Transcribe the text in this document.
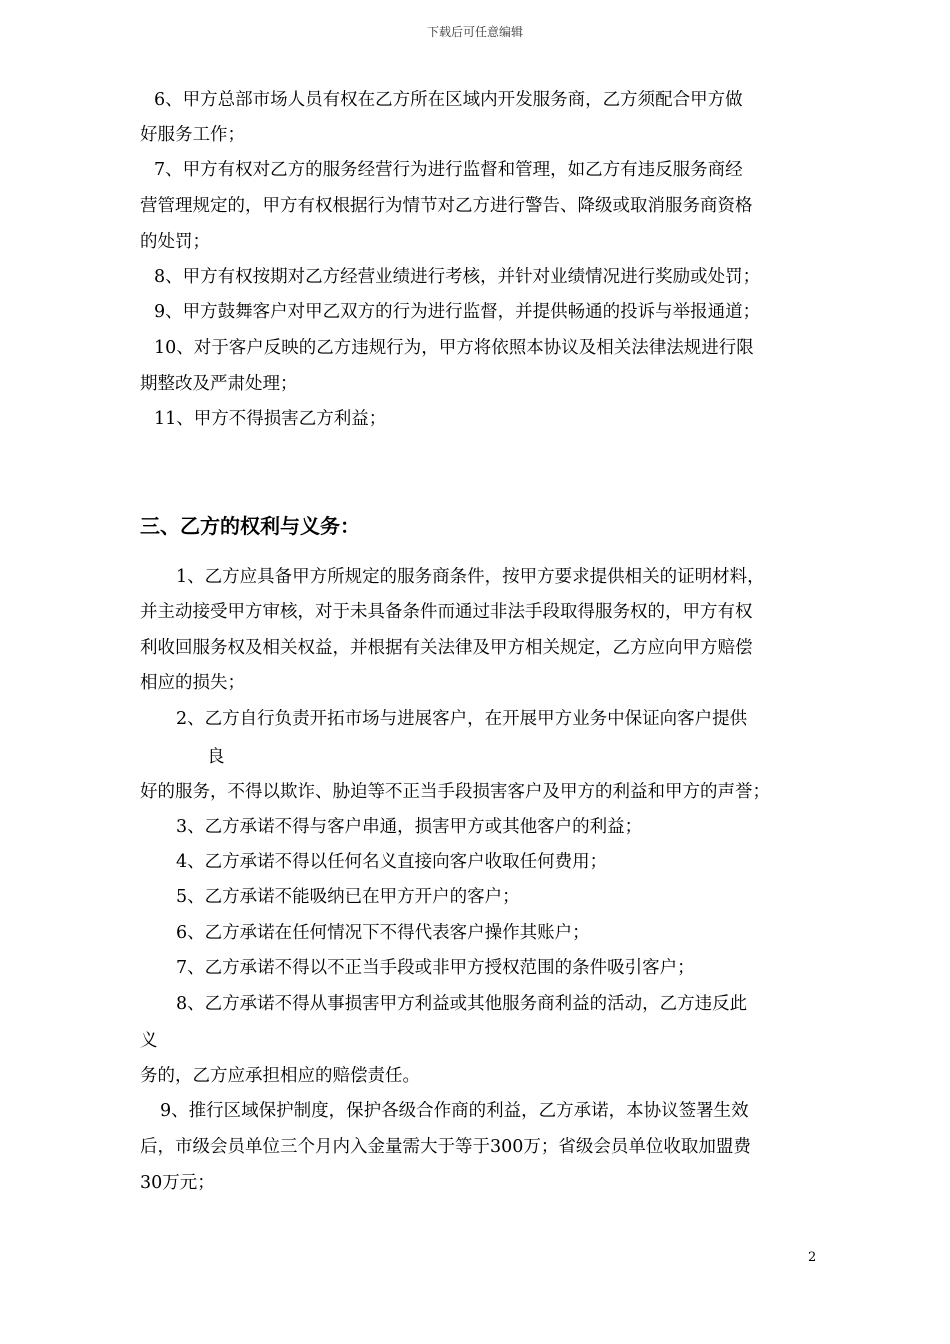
下载后可任意编辑
6、甲方总部市场人员有权在乙方所在区域内开发服务商，乙方须配合甲方做
好服务工作；
7、甲方有权对乙方的服务经营行为进行监督和管理，如乙方有违反服务商经
营管理规定的，甲方有权根据行为情节对乙方进行警告、降级或取消服务商资格
的处罚；
8、甲方有权按期对乙方经营业绩进行考核，并针对业绩情况进行奖励或处罚；
9、甲方鼓舞客户对甲乙双方的行为进行监督，并提供畅通的投诉与举报通道；
10、对于客户反映的乙方违规行为，甲方将依照本协议及相关法律法规进行限
期整改及严肃处理；
11、甲方不得损害乙方利益；
三、乙方的权利与义务：
1、乙方应具备甲方所规定的服务商条件，按甲方要求提供相关的证明材料，
并主动接受甲方审核，对于未具备条件而通过非法手段取得服务权的，甲方有权
利收回服务权及相关权益，并根据有关法律及甲方相关规定，乙方应向甲方赔偿
相应的损失；
2、乙方自行负责开拓市场与进展客户，在开展甲方业务中保证向客户提供
良
好的服务，不得以欺诈、胁迫等不正当手段损害客户及甲方的利益和甲方的声誉；
3、乙方承诺不得与客户串通，损害甲方或其他客户的利益；
4、乙方承诺不得以任何名义直接向客户收取任何费用；
5、乙方承诺不能吸纳已在甲方开户的客户；
6、乙方承诺在任何情况下不得代表客户操作其账户；
7、乙方承诺不得以不正当手段或非甲方授权范围的条件吸引客户；
8、乙方承诺不得从事损害甲方利益或其他服务商利益的活动，乙方违反此
义
务的，乙方应承担相应的赔偿责任。
9、推行区域保护制度，保护各级合作商的利益，乙方承诺，本协议签署生效
后，市级会员单位三个月内入金量需大于等于300万；省级会员单位收取加盟费
30万元；
2
